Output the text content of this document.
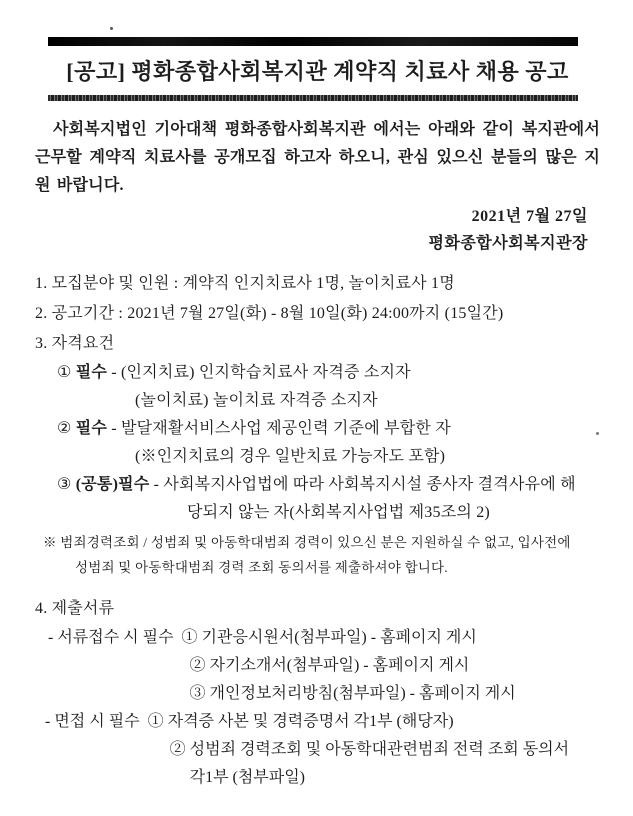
[공고] 평화종합사회복지관 계약직 치료사 채용 공고

사회복지법인 기아대책 평화종합사회복지관 에서는 아래와 같이 복지관에서 근무할 계약직 치료사를 공개모집 하고자 하오니, 관심 있으신 분들의 많은 지원 바랍니다.

2021년 7월 27일
평화종합사회복지관장
1. 모집분야 및 인원 : 계약직 인지치료사 1명, 놀이치료사 1명
2. 공고기간 : 2021년 7월 27일(화) - 8월 10일(화) 24:00까지 (15일간)
3. 자격요건
① 필수 - (인지치료) 인지학습치료사 자격증 소지자
(놀이치료) 놀이치료 자격증 소지자
② 필수 - 발달재활서비스사업 제공인력 기준에 부합한 자
(※인지치료의 경우 일반치료 가능자도 포함)
③ (공통)필수 - 사회복지사업법에 따라 사회복지시설 종사자 결격사유에 해
당되지 않는 자(사회복지사업법 제35조의 2)
※ 범죄경력조회 / 성범죄 및 아동학대범죄 경력이 있으신 분은 지원하실 수 없고, 입사전에
성범죄 및 아동학대범죄 경력 조회 동의서를 제출하셔야 합니다.
4. 제출서류
- 서류접수 시 필수 ① 기관응시원서(첨부파일) - 홈페이지 게시
② 자기소개서(첨부파일) - 홈페이지 게시
③ 개인정보처리방침(첨부파일) - 홈페이지 게시
- 면접 시 필수 ① 자격증 사본 및 경력증명서 각1부 (해당자)
② 성범죄 경력조회 및 아동학대관련범죄 전력 조회 동의서
각1부 (첨부파일)
